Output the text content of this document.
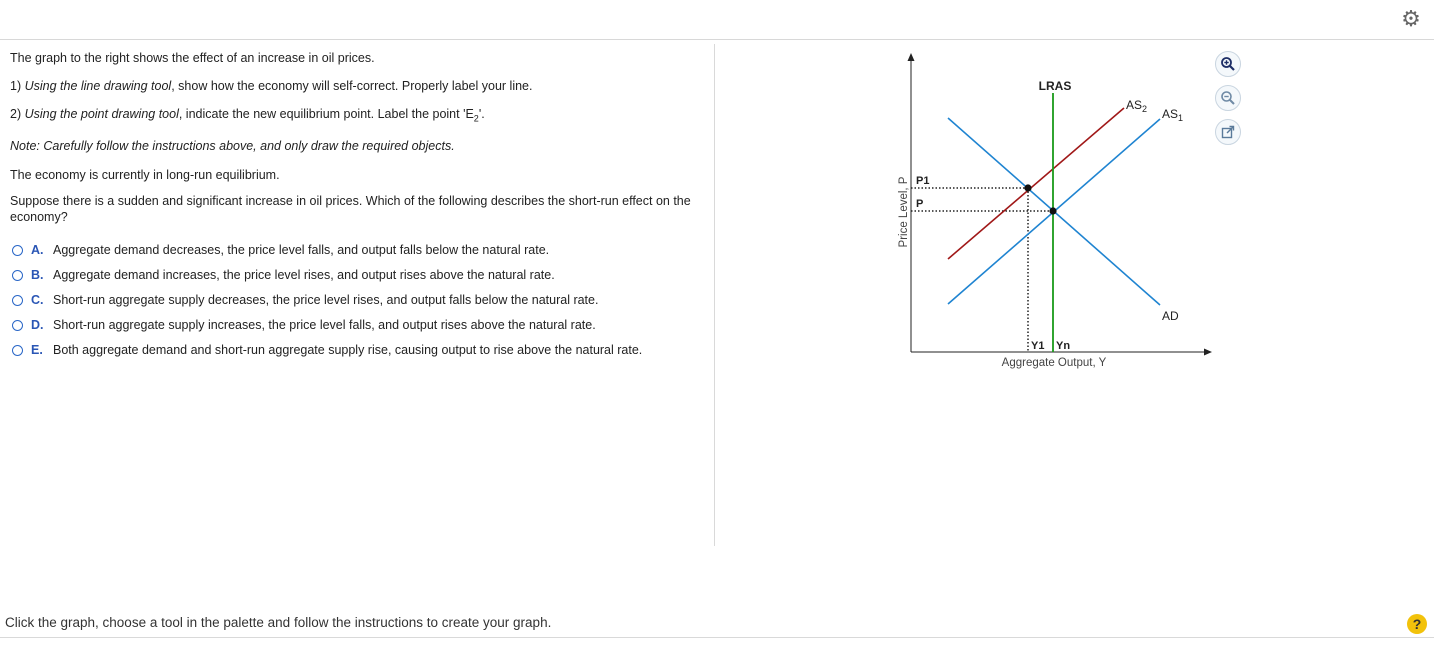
⚙
The graph to the right shows the effect of an increase in oil prices.
1) Using the line drawing tool, show how the economy will self-correct. Properly label your line.
2) Using the point drawing tool, indicate the new equilibrium point. Label the point '$E_2$'.
Note: Carefully follow the instructions above, and only draw the required objects.
The economy is currently in long-run equilibrium.
Suppose there is a sudden and significant increase in oil prices. Which of the following describes the short-run effect on the economy?
A. Aggregate demand decreases, the price level falls, and output falls below the natural rate.
B. Aggregate demand increases, the price level rises, and output rises above the natural rate.
C. Short-run aggregate supply decreases, the price level rises, and output falls below the natural rate.
D. Short-run aggregate supply increases, the price level falls, and output rises above the natural rate.
E. Both aggregate demand and short-run aggregate supply rise, causing output to rise above the natural rate.
LRAS
$AS_2$ $AS_1$
AD
P1
P
Y1 Yn
Aggregate Output, Y
Price Level, P
Click the graph, choose a tool in the palette and follow the instructions to create your graph.	?
